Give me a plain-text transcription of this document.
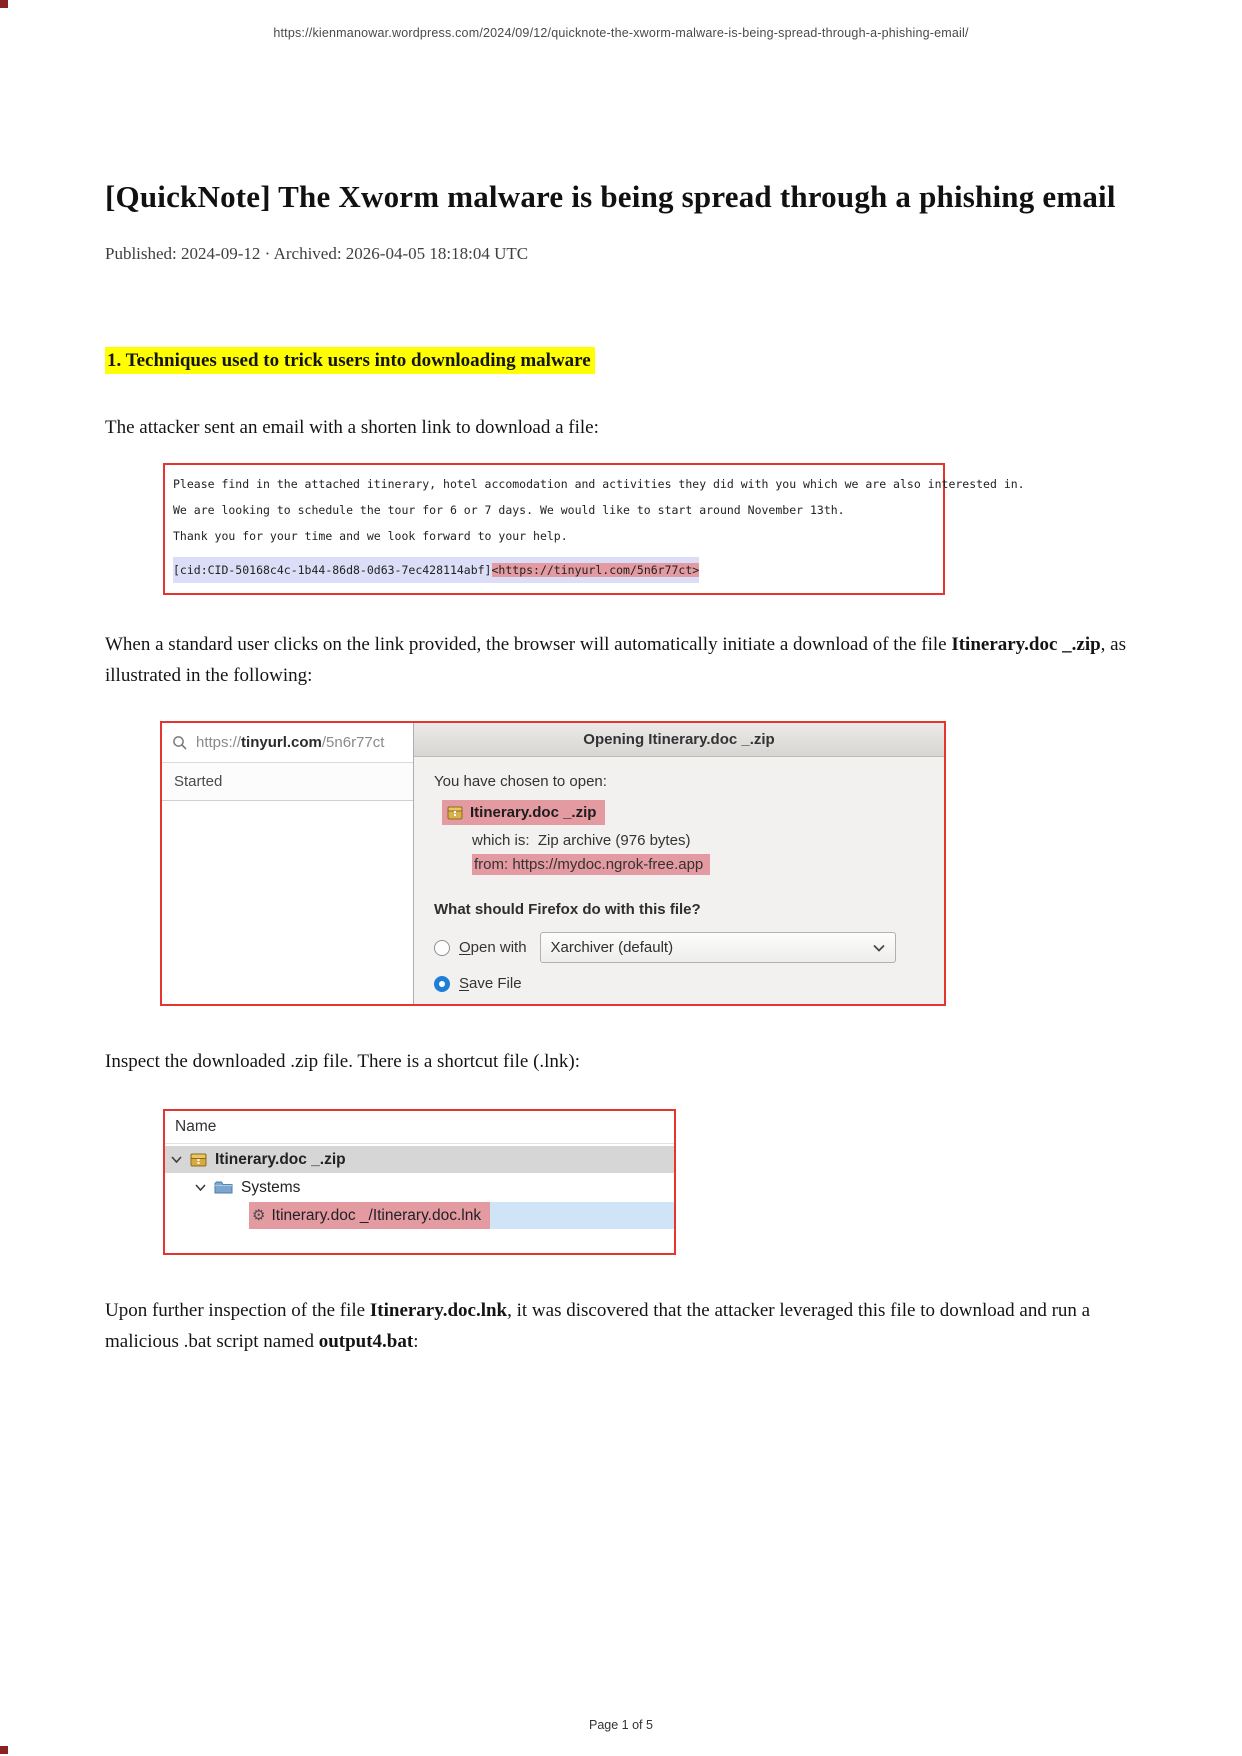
https://kienmanowar.wordpress.com/2024/09/12/quicknote-the-xworm-malware-is-being-spread-through-a-phishing-email/
[QuickNote] The Xworm malware is being spread through a phishing email
Published: 2024-09-12 · Archived: 2026-04-05 18:18:04 UTC
1. Techniques used to trick users into downloading malware

The attacker sent an email with a shorten link to download a file:

Please find in the attached itinerary, hotel accomodation and activities they did with you which we are also interested in.
We are looking to schedule the tour for 6 or 7 days. We would like to start around November 13th.
Thank you for your time and we look forward to your help.
[cid:CID-50168c4c-1b44-86d8-0d63-7ec428114abf]<https://tinyurl.com/5n6r77ct>

When a standard user clicks on the link provided, the browser will automatically initiate a download of the file Itinerary.doc _.zip, as illustrated in the following:

https://tinyurl.com/5n6r77ct
Started
Opening Itinerary.doc _.zip
You have chosen to open:
Itinerary.doc _.zip
which is: Zip archive (976 bytes)
from: https://mydoc.ngrok-free.app
What should Firefox do with this file?
Open with Xarchiver (default)
Save File

Inspect the downloaded .zip file. There is a shortcut file (.lnk):

Name
Itinerary.doc _.zip
Systems
⚙ Itinerary.doc _/Itinerary.doc.lnk

Upon further inspection of the file Itinerary.doc.lnk, it was discovered that the attacker leveraged this file to download and run a malicious .bat script named output4.bat:

Page 1 of 5
